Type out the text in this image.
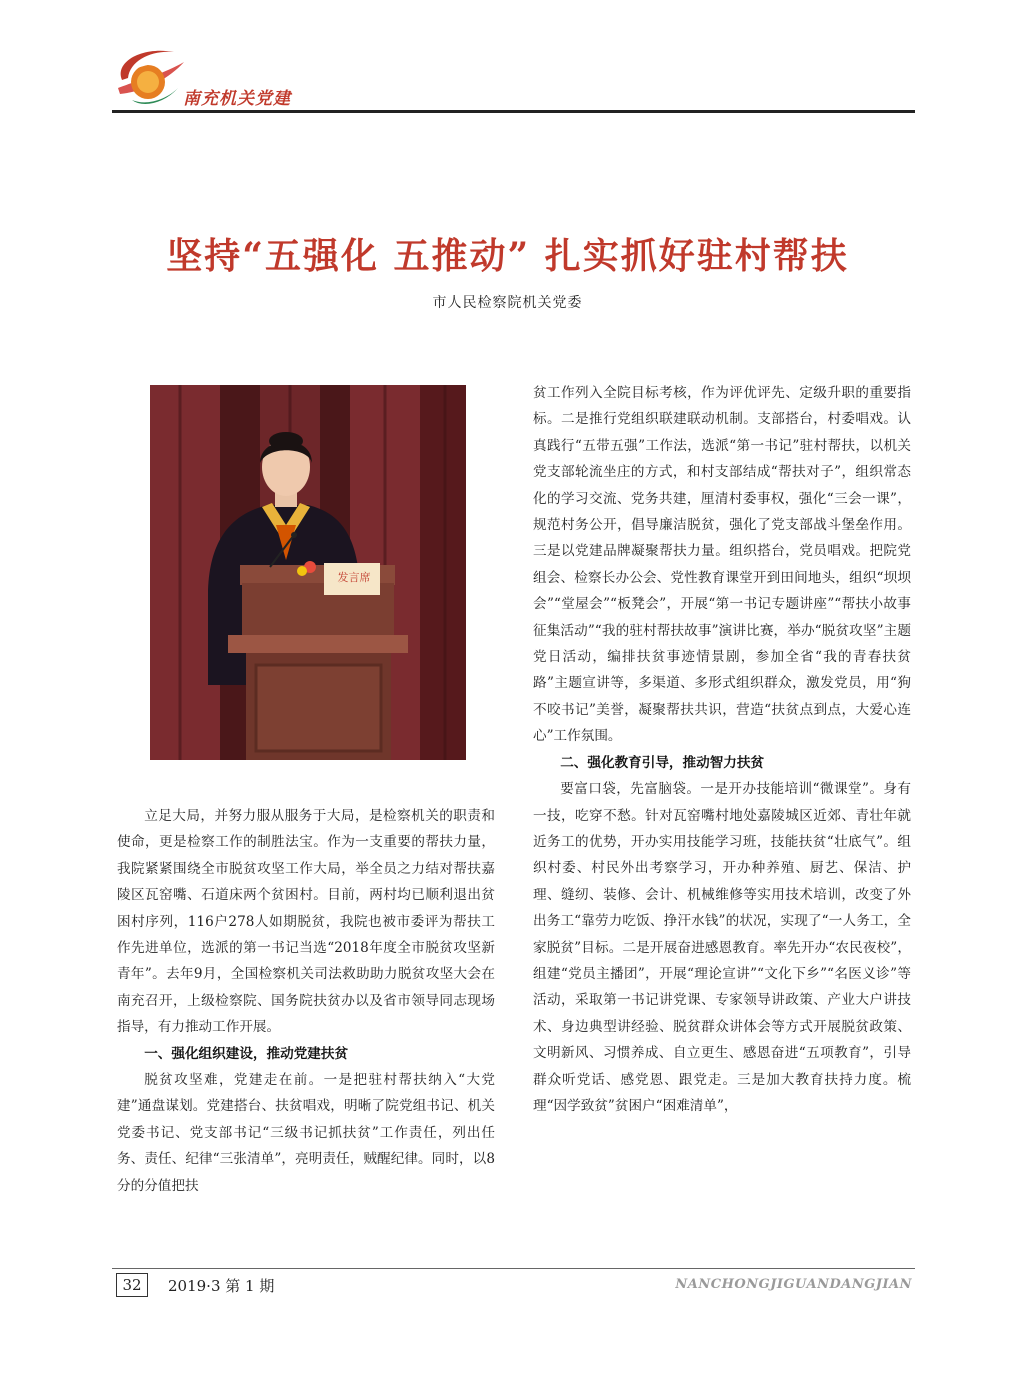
南充机关党建
坚持“五强化 五推动” 扎实抓好驻村帮扶
市人民检察院机关党委
发言席

立足大局，并努力服从服务于大局，是检察机关的职责和使命，更是检察工作的制胜法宝。作为一支重要的帮扶力量，我院紧紧围绕全市脱贫攻坚工作大局，举全员之力结对帮扶嘉陵区瓦窑嘴、石道床两个贫困村。目前，两村均已顺利退出贫困村序列，116户278人如期脱贫，我院也被市委评为帮扶工作先进单位，选派的第一书记当选“2018年度全市脱贫攻坚新青年”。去年9月，全国检察机关司法救助助力脱贫攻坚大会在南充召开，上级检察院、国务院扶贫办以及省市领导同志现场指导，有力推动工作开展。

一、强化组织建设，推动党建扶贫

脱贫攻坚难，党建走在前。一是把驻村帮扶纳入“大党建”通盘谋划。党建搭台、扶贫唱戏，明晰了院党组书记、机关党委书记、党支部书记“三级书记抓扶贫”工作责任，列出任务、责任、纪律“三张清单”，亮明责任，贼醒纪律。同时，以8分的分值把扶

贫工作列入全院目标考核，作为评优评先、定级升职的重要指标。二是推行党组织联建联动机制。支部搭台，村委唱戏。认真践行“五带五强”工作法，选派“第一书记”驻村帮扶，以机关党支部轮流坐庄的方式，和村支部结成“帮扶对子”，组织常态化的学习交流、党务共建，厘清村委事权，强化“三会一课”，规范村务公开，倡导廉洁脱贫，强化了党支部战斗堡垒作用。三是以党建品牌凝聚帮扶力量。组织搭台，党员唱戏。把院党组会、检察长办公会、党性教育课堂开到田间地头，组织“坝坝会”“堂屋会”“板凳会”，开展“第一书记专题讲座”“帮扶小故事征集活动”“我的驻村帮扶故事”演讲比赛，举办“脱贫攻坚”主题党日活动，编排扶贫事迹情景剧，参加全省“我的青春扶贫路”主题宣讲等，多渠道、多形式组织群众，激发党员，用“狗不咬书记”美誉，凝聚帮扶共识，营造“扶贫点到点，大爱心连心”工作氛围。

二、强化教育引导，推动智力扶贫

要富口袋，先富脑袋。一是开办技能培训“微课堂”。身有一技，吃穿不愁。针对瓦窑嘴村地处嘉陵城区近郊、青壮年就近务工的优势，开办实用技能学习班，技能扶贫“壮底气”。组织村委、村民外出考察学习，开办种养殖、厨艺、保洁、护理、缝纫、装修、会计、机械维修等实用技术培训，改变了外出务工“靠劳力吃饭、挣汗水钱”的状况，实现了“一人务工，全家脱贫”目标。二是开展奋进感恩教育。率先开办“农民夜校”，组建“党员主播团”，开展“理论宣讲”“文化下乡”“名医义诊”等活动，采取第一书记讲党课、专家领导讲政策、产业大户讲技术、身边典型讲经验、脱贫群众讲体会等方式开展脱贫政策、文明新风、习惯养成、自立更生、感恩奋进“五项教育”，引导群众听党话、感党恩、跟党走。三是加大教育扶持力度。梳理“因学致贫”贫困户“困难清单”，

32	2019·3 第 1 期	NANCHONGJIGUANDANGJIAN
